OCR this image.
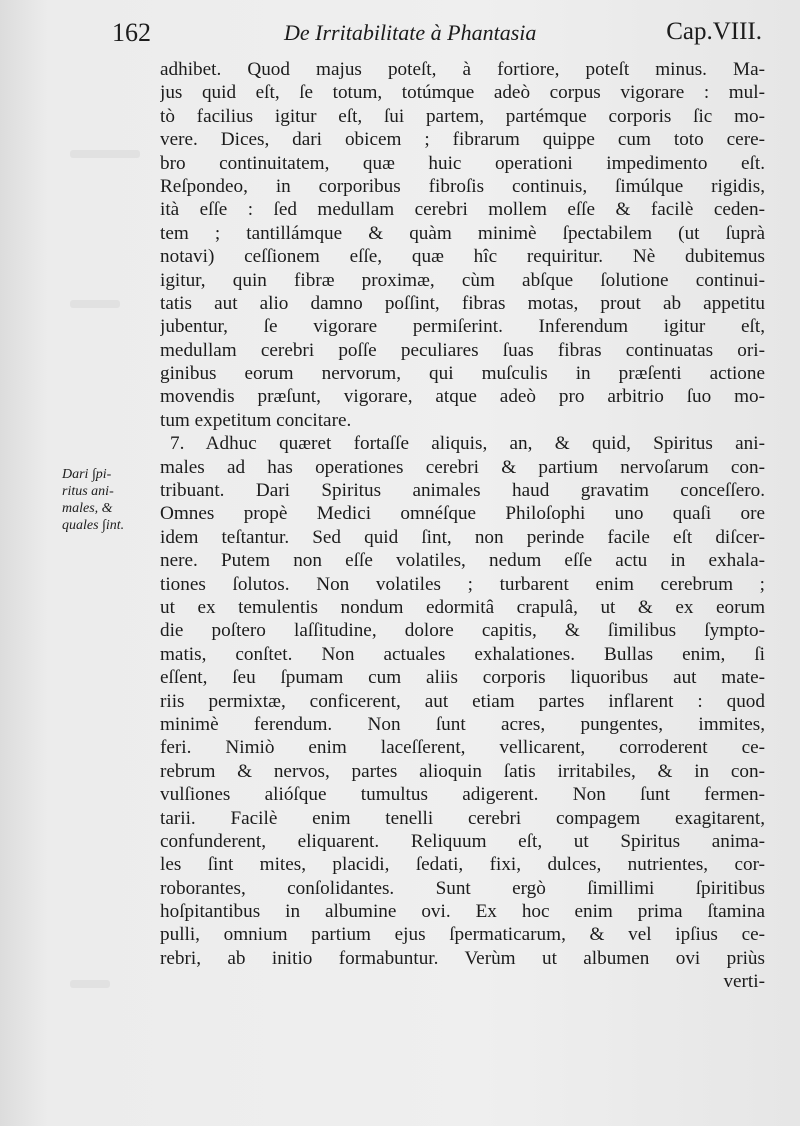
162	De Irritabilitate à Phantasia	Cap.VIII.
Dari ∫pi-
ritus ani-
males, &
quales ∫int.
adhibet. Quod majus poteſt, à fortiore, poteſt minus. Ma-
jus quid eſt, ſe totum, totúmque adeò corpus vigorare : mul-
tò facilius igitur eſt, ſui partem, partémque corporis ſic mo-
vere. Dices, dari obicem ; fibrarum quippe cum toto cere-
bro continuitatem, quæ huic operationi impedimento eſt.
Reſpondeo, in corporibus fibroſis continuis, ſimúlque rigidis,
ità eſſe : ſed medullam cerebri mollem eſſe & facilè ceden-
tem ; tantillámque & quàm minimè ſpectabilem (ut ſuprà
notavi) ceſſionem eſſe, quæ hîc requiritur. Nè dubitemus
igitur, quin fibræ proximæ, cùm abſque ſolutione continui-
tatis aut alio damno poſſint, fibras motas, prout ab appetitu
jubentur, ſe vigorare permiſerint. Inferendum igitur eſt,
medullam cerebri poſſe peculiares ſuas fibras continuatas ori-
ginibus eorum nervorum, qui muſculis in præſenti actione
movendis præſunt, vigorare, atque adeò pro arbitrio ſuo mo-
tum expetitum concitare.
7. Adhuc quæret fortaſſe aliquis, an, & quid, Spiritus ani-
males ad has operationes cerebri & partium nervoſarum con-
tribuant. Dari Spiritus animales haud gravatim conceſſero.
Omnes propè Medici omnéſque Philoſophi uno quaſi ore
idem teſtantur. Sed quid ſint, non perinde facile eſt diſcer-
nere. Putem non eſſe volatiles, nedum eſſe actu in exhala-
tiones ſolutos. Non volatiles ; turbarent enim cerebrum ;
ut ex temulentis nondum edormitâ crapulâ, ut & ex eorum
die poſtero laſſitudine, dolore capitis, & ſimilibus ſympto-
matis, conſtet. Non actuales exhalationes. Bullas enim, ſi
eſſent, ſeu ſpumam cum aliis corporis liquoribus aut mate-
riis permixtæ, conficerent, aut etiam partes inflarent : quod
minimè ferendum. Non ſunt acres, pungentes, immites,
feri. Nimiò enim laceſſerent, vellicarent, corroderent ce-
rebrum & nervos, partes alioquin ſatis irritabiles, & in con-
vulſiones alióſque tumultus adigerent. Non ſunt fermen-
tarii. Facilè enim tenelli cerebri compagem exagitarent,
confunderent, eliquarent. Reliquum eſt, ut Spiritus anima-
les ſint mites, placidi, ſedati, fixi, dulces, nutrientes, cor-
roborantes, conſolidantes. Sunt ergò ſimillimi ſpiritibus
hoſpitantibus in albumine ovi. Ex hoc enim prima ſtamina
pulli, omnium partium ejus ſpermaticarum, & vel ipſius ce-
rebri, ab initio formabuntur. Verùm ut albumen ovi priùs
verti-
